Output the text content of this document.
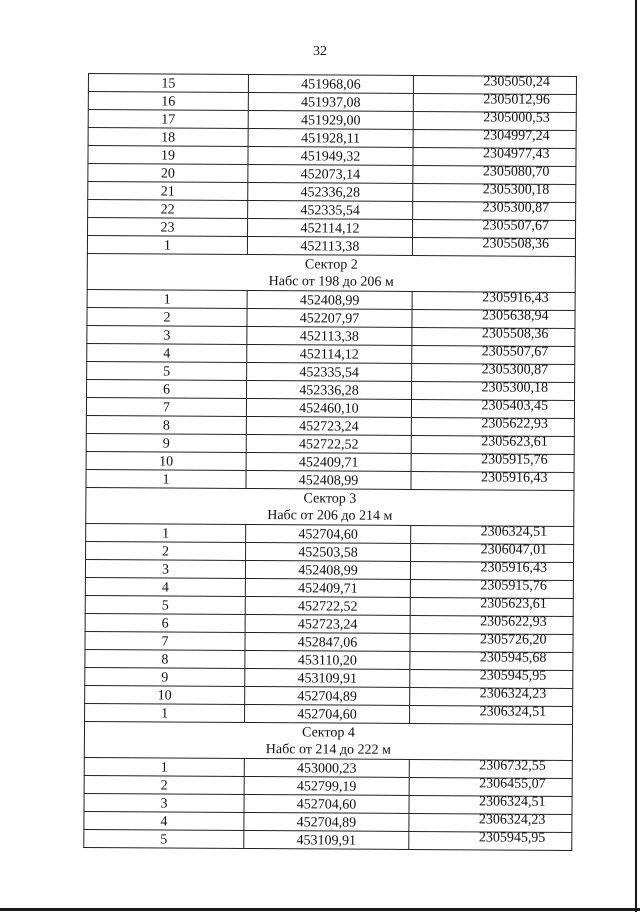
32
15	451968,06	2305050,24
16	451937,08	2305012,96
17	451929,00	2305000,53
18	451928,11	2304997,24
19	451949,32	2304977,43
20	452073,14	2305080,70
21	452336,28	2305300,18
22	452335,54	2305300,87
23	452114,12	2305507,67
1	452113,38	2305508,36

Сектор 2
Набс от 198 до 206 м		

1	452408,99	2305916,43
2	452207,97	2305638,94
3	452113,38	2305508,36
4	452114,12	2305507,67
5	452335,54	2305300,87
6	452336,28	2305300,18
7	452460,10	2305403,45
8	452723,24	2305622,93
9	452722,52	2305623,61
10	452409,71	2305915,76
1	452408,99	2305916,43

Сектор 3
Набс от 206 до 214 м		

1	452704,60	2306324,51
2	452503,58	2306047,01
3	452408,99	2305916,43
4	452409,71	2305915,76
5	452722,52	2305623,61
6	452723,24	2305622,93
7	452847,06	2305726,20
8	453110,20	2305945,68
9	453109,91	2305945,95
10	452704,89	2306324,23
1	452704,60	2306324,51

Сектор 4
Набс от 214 до 222 м		

1	453000,23	2306732,55
2	452799,19	2306455,07
3	452704,60	2306324,51
4	452704,89	2306324,23
5	453109,91	2305945,95
